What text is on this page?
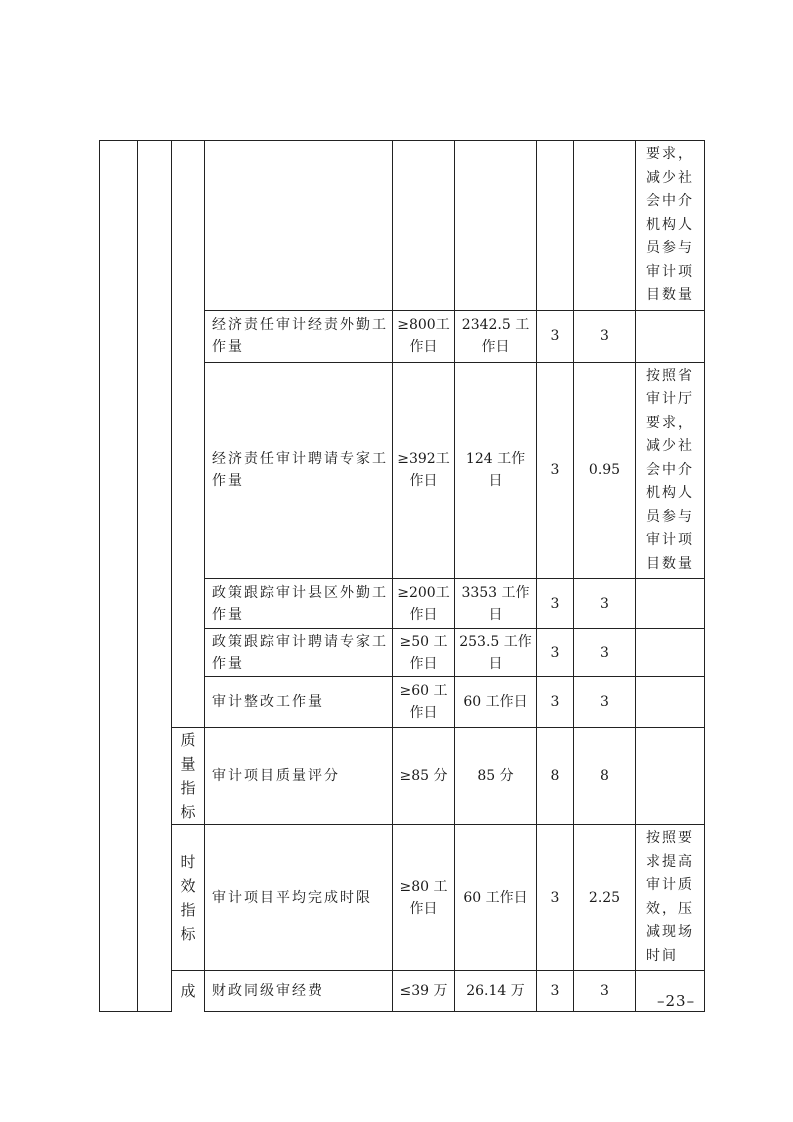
								要求，减少社会中介机构人员参与审计项目数量
			经济责任审计经责外勤工作量	≥800工作日	2342.5 工作日	3	3	
			经济责任审计聘请专家工作量	≥392工作日	124 工作日	3	0.95	按照省审计厅要求，减少社会中介机构人员参与审计项目数量
			政策跟踪审计县区外勤工作量	≥200工作日	3353 工作日	3	3	
			政策跟踪审计聘请专家工作量	≥50 工作日	253.5 工作日	3	3	
			审计整改工作量	≥60 工作日	60 工作日	3	3	
		质量指标	审计项目质量评分	≥85 分	85 分	8	8	
		时效指标	审计项目平均完成时限	≥80 工作日	60 工作日	3	2.25	按照要求提高审计质效，压减现场时间
		成	财政同级审经费	≤39 万	26.14 万	3	3	
–23–
